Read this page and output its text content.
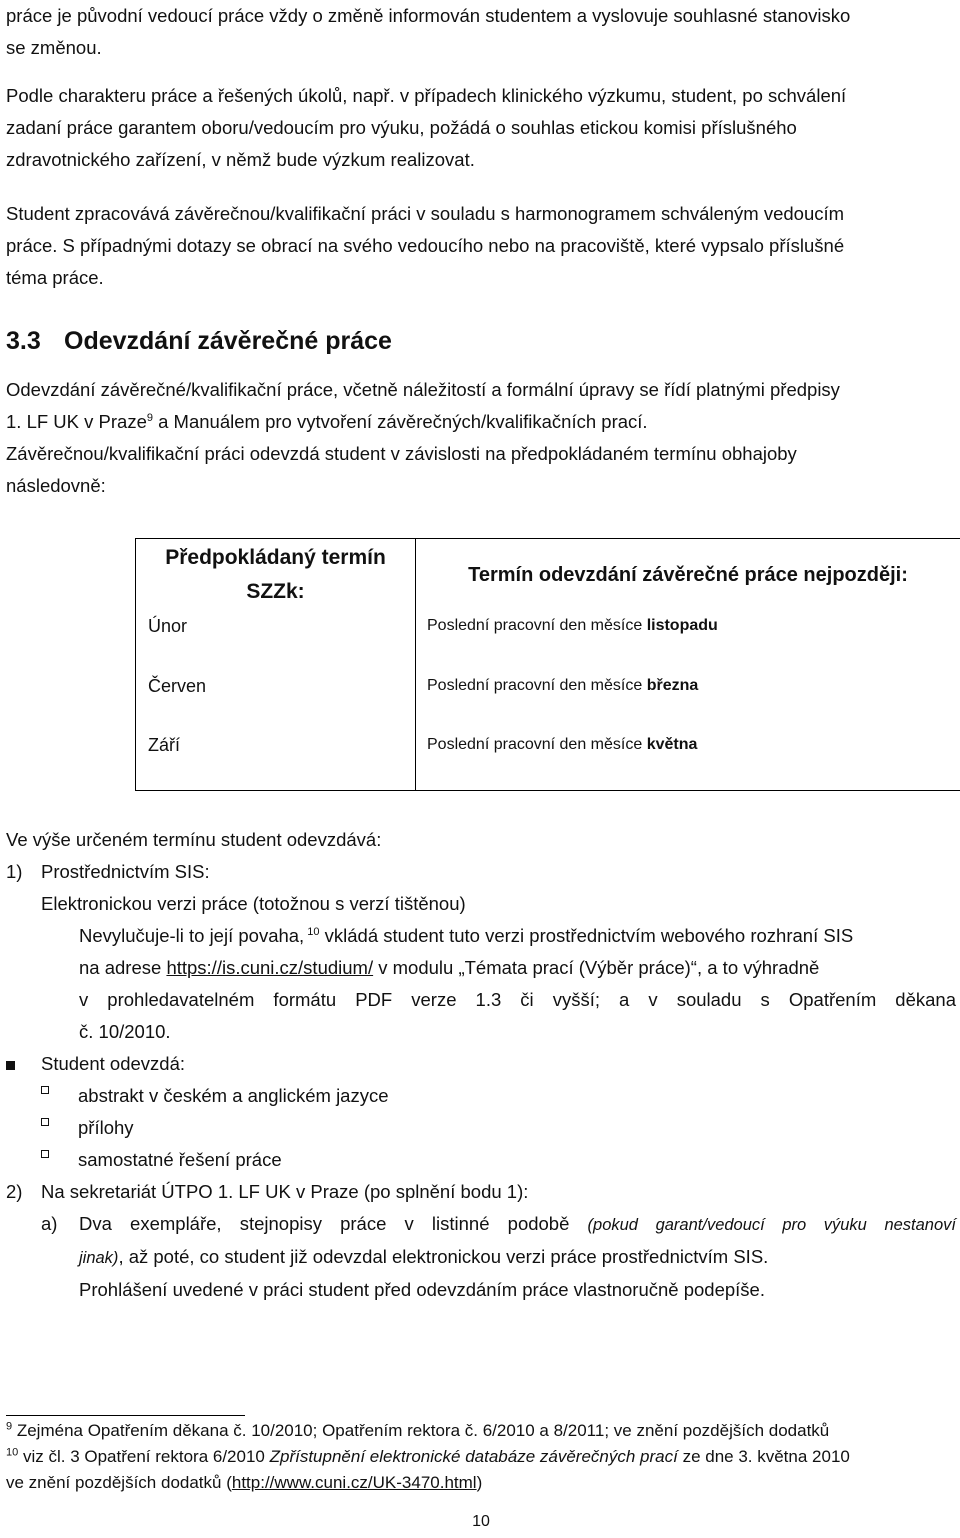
práce je původní vedoucí práce vždy o změně informován studentem a vyslovuje souhlasné stanovisko

se změnou.

Podle charakteru práce a řešených úkolů, např. v případech klinického výzkumu, student, po schválení

zadaní práce garantem oboru/vedoucím pro výuku, požádá o souhlas etickou komisi příslušného

zdravotnického zařízení, v němž bude výzkum realizovat.

Student zpracovává závěrečnou/kvalifikační práci v souladu s harmonogramem schváleným vedoucím

práce. S případnými dotazy se obrací na svého vedoucího nebo na pracoviště, které vypsalo příslušné

téma práce.

3.3 Odevzdání závěrečné práce

Odevzdání závěrečné/kvalifikační práce, včetně náležitostí a formální úpravy se řídí platnými předpisy

1. LF UK v Praze$^9$ a Manuálem pro vytvoření závěrečných/kvalifikačních prací.

Závěrečnou/kvalifikační práci odevzdá student v závislosti na předpokládaném termínu obhajoby

následovně:

Předpokládaný termín
SZZk:
Termín odevzdání závěrečné práce nejpozději:
Únor	Poslední pracovní den měsíce listopadu
Červen	Poslední pracovní den měsíce března
Září	Poslední pracovní den měsíce května

Ve výše určeném termínu student odevzdává:

1) Prostřednictvím SIS:

Elektronickou verzi práce (totožnou s verzí tištěnou)

Nevylučuje-li to její povaha, $^{10}$ vkládá student tuto verzi prostřednictvím webového rozhraní SIS

na adrese https://is.cuni.cz/studium/ v modulu „Témata prací (Výběr práce)“, a to výhradně

v prohledavatelném formátu PDF verze 1.3 či vyšší; a v souladu s Opatřením děkana

č. 10/2010.

Student odevzdá:

abstrakt v českém a anglickém jazyce

přílohy

samostatné řešení práce

2) Na sekretariát ÚTPO 1. LF UK v Praze (po splnění bodu 1):

a) Dva exempláře, stejnopisy práce v listinné podobě (pokud garant/vedoucí pro výuku nestanoví

jinak), až poté, co student již odevzdal elektronickou verzi práce prostřednictvím SIS.

Prohlášení uvedené v práci student před odevzdáním práce vlastnoručně podepíše.

$^9$ Zejména Opatřením děkana č. 10/2010; Opatřením rektora č. 6/2010 a 8/2011; ve znění pozdějších dodatků

$^{10}$ viz čl. 3 Opatření rektora 6/2010 Zpřístupnění elektronické databáze závěrečných prací ze dne 3. května 2010

ve znění pozdějších dodatků (http://www.cuni.cz/UK-3470.html)

10
